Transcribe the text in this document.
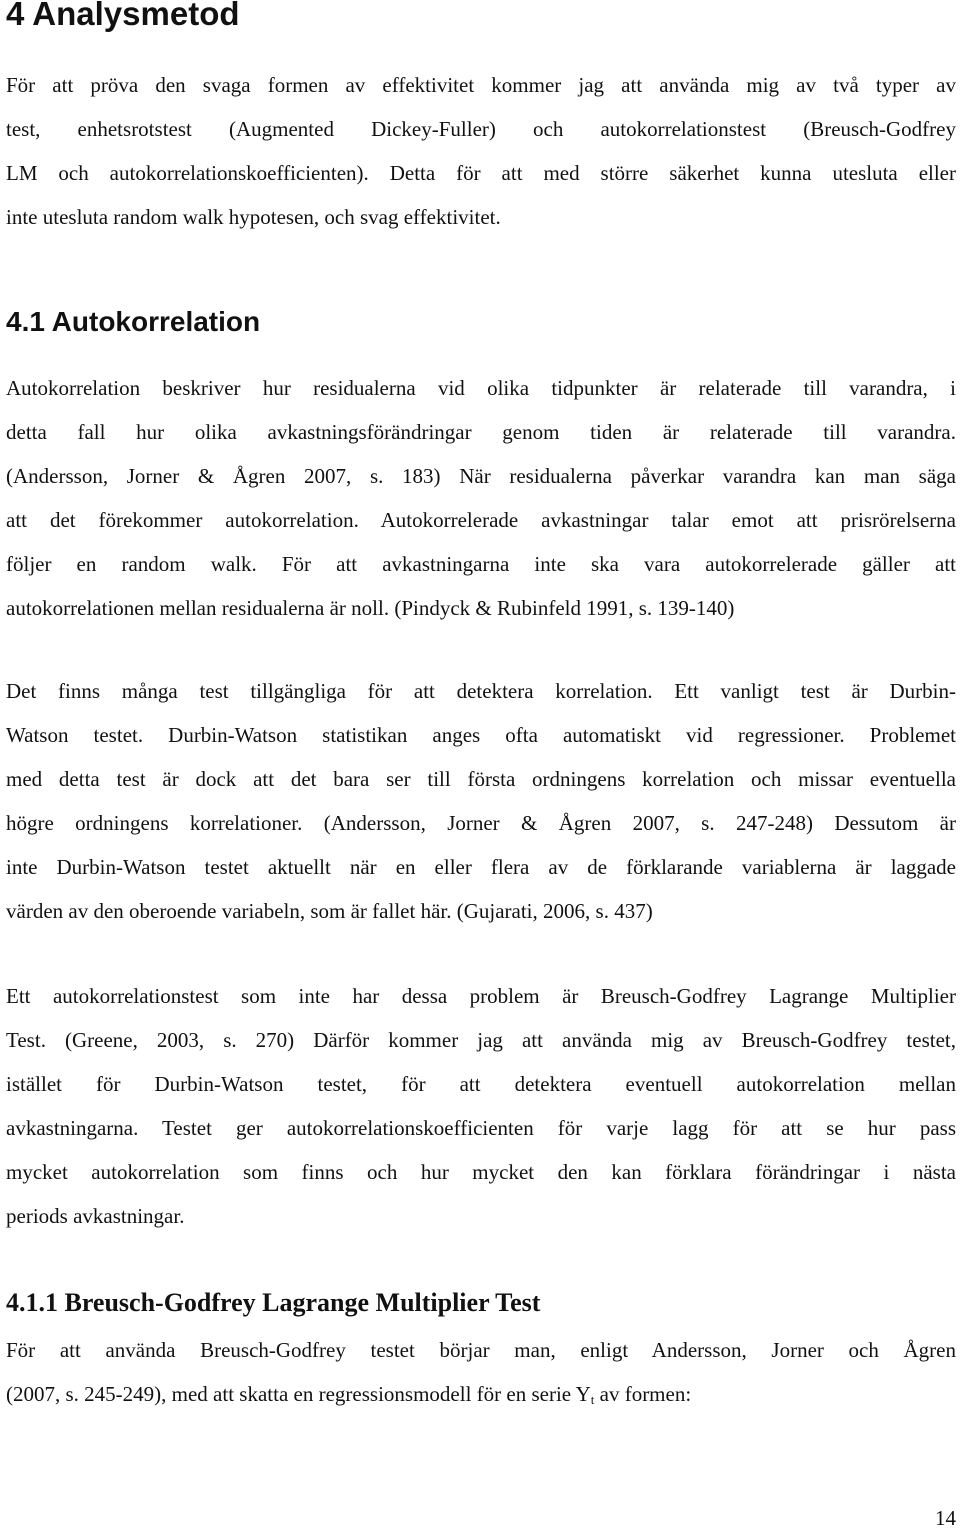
4 Analysmetod

För att pröva den svaga formen av effektivitet kommer jag att använda mig av två typer av
test, enhetsrotstest (Augmented Dickey-Fuller) och autokorrelationstest (Breusch-Godfrey
LM och autokorrelationskoefficienten). Detta för att med större säkerhet kunna utesluta eller
inte utesluta random walk hypotesen, och svag effektivitet.

4.1 Autokorrelation

Autokorrelation beskriver hur residualerna vid olika tidpunkter är relaterade till varandra, i
detta fall hur olika avkastningsförändringar genom tiden är relaterade till varandra.
(Andersson, Jorner & Ågren 2007, s. 183) När residualerna påverkar varandra kan man säga
att det förekommer autokorrelation. Autokorrelerade avkastningar talar emot att prisrörelserna
följer en random walk. För att avkastningarna inte ska vara autokorrelerade gäller att
autokorrelationen mellan residualerna är noll. (Pindyck & Rubinfeld 1991, s. 139-140)

Det finns många test tillgängliga för att detektera korrelation. Ett vanligt test är Durbin-
Watson testet. Durbin-Watson statistikan anges ofta automatiskt vid regressioner. Problemet
med detta test är dock att det bara ser till första ordningens korrelation och missar eventuella
högre ordningens korrelationer. (Andersson, Jorner & Ågren 2007, s. 247-248) Dessutom är
inte Durbin-Watson testet aktuellt när en eller flera av de förklarande variablerna är laggade
värden av den oberoende variabeln, som är fallet här. (Gujarati, 2006, s. 437)

Ett autokorrelationstest som inte har dessa problem är Breusch-Godfrey Lagrange Multiplier
Test. (Greene, 2003, s. 270) Därför kommer jag att använda mig av Breusch-Godfrey testet,
istället för Durbin-Watson testet, för att detektera eventuell autokorrelation mellan
avkastningarna. Testet ger autokorrelationskoefficienten för varje lagg för att se hur pass
mycket autokorrelation som finns och hur mycket den kan förklara förändringar i nästa
periods avkastningar.

4.1.1 Breusch-Godfrey Lagrange Multiplier Test

För att använda Breusch-Godfrey testet börjar man, enligt Andersson, Jorner och Ågren
(2007, s. 245-249), med att skatta en regressionsmodell för en serie $Y_t$ av formen:

14
